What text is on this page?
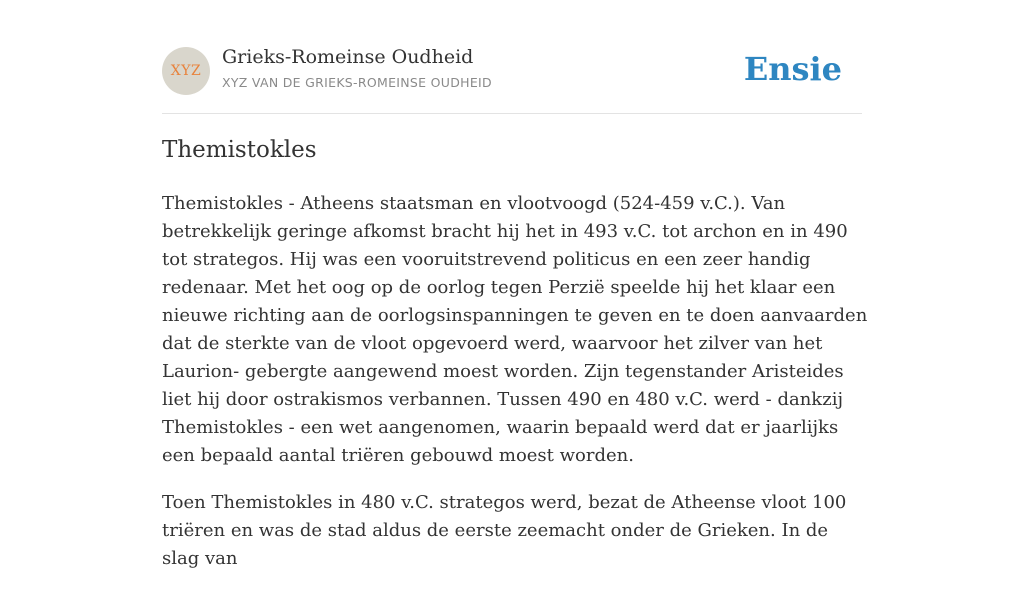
XYZ
Grieks-Romeinse Oudheid
XYZ VAN DE GRIEKS-ROMEINSE OUDHEID	Ensie
Themistokles

Themistokles - Atheens staatsman en vlootvoogd (524-459 v.C.). Van betrekkelijk geringe afkomst bracht hij het in 493 v.C. tot archon en in 490 tot strategos. Hij was een vooruitstrevend politicus en een zeer handig redenaar. Met het oog op de oorlog tegen Perzië speelde hij het klaar een nieuwe richting aan de oorlogsinspanningen te geven en te doen aanvaarden dat de sterkte van de vloot opgevoerd werd, waarvoor het zilver van het Laurion- gebergte aangewend moest worden. Zijn tegenstander Aristeides liet hij door ostrakismos verbannen. Tussen 490 en 480 v.C. werd - dankzij Themistokles - een wet aangenomen, waarin bepaald werd dat er jaarlijks een bepaald aantal triëren gebouwd moest worden.

Toen Themistokles in 480 v.C. strategos werd, bezat de Atheense vloot 100 triëren en was de stad aldus de eerste zeemacht onder de Grieken. In de slag van
